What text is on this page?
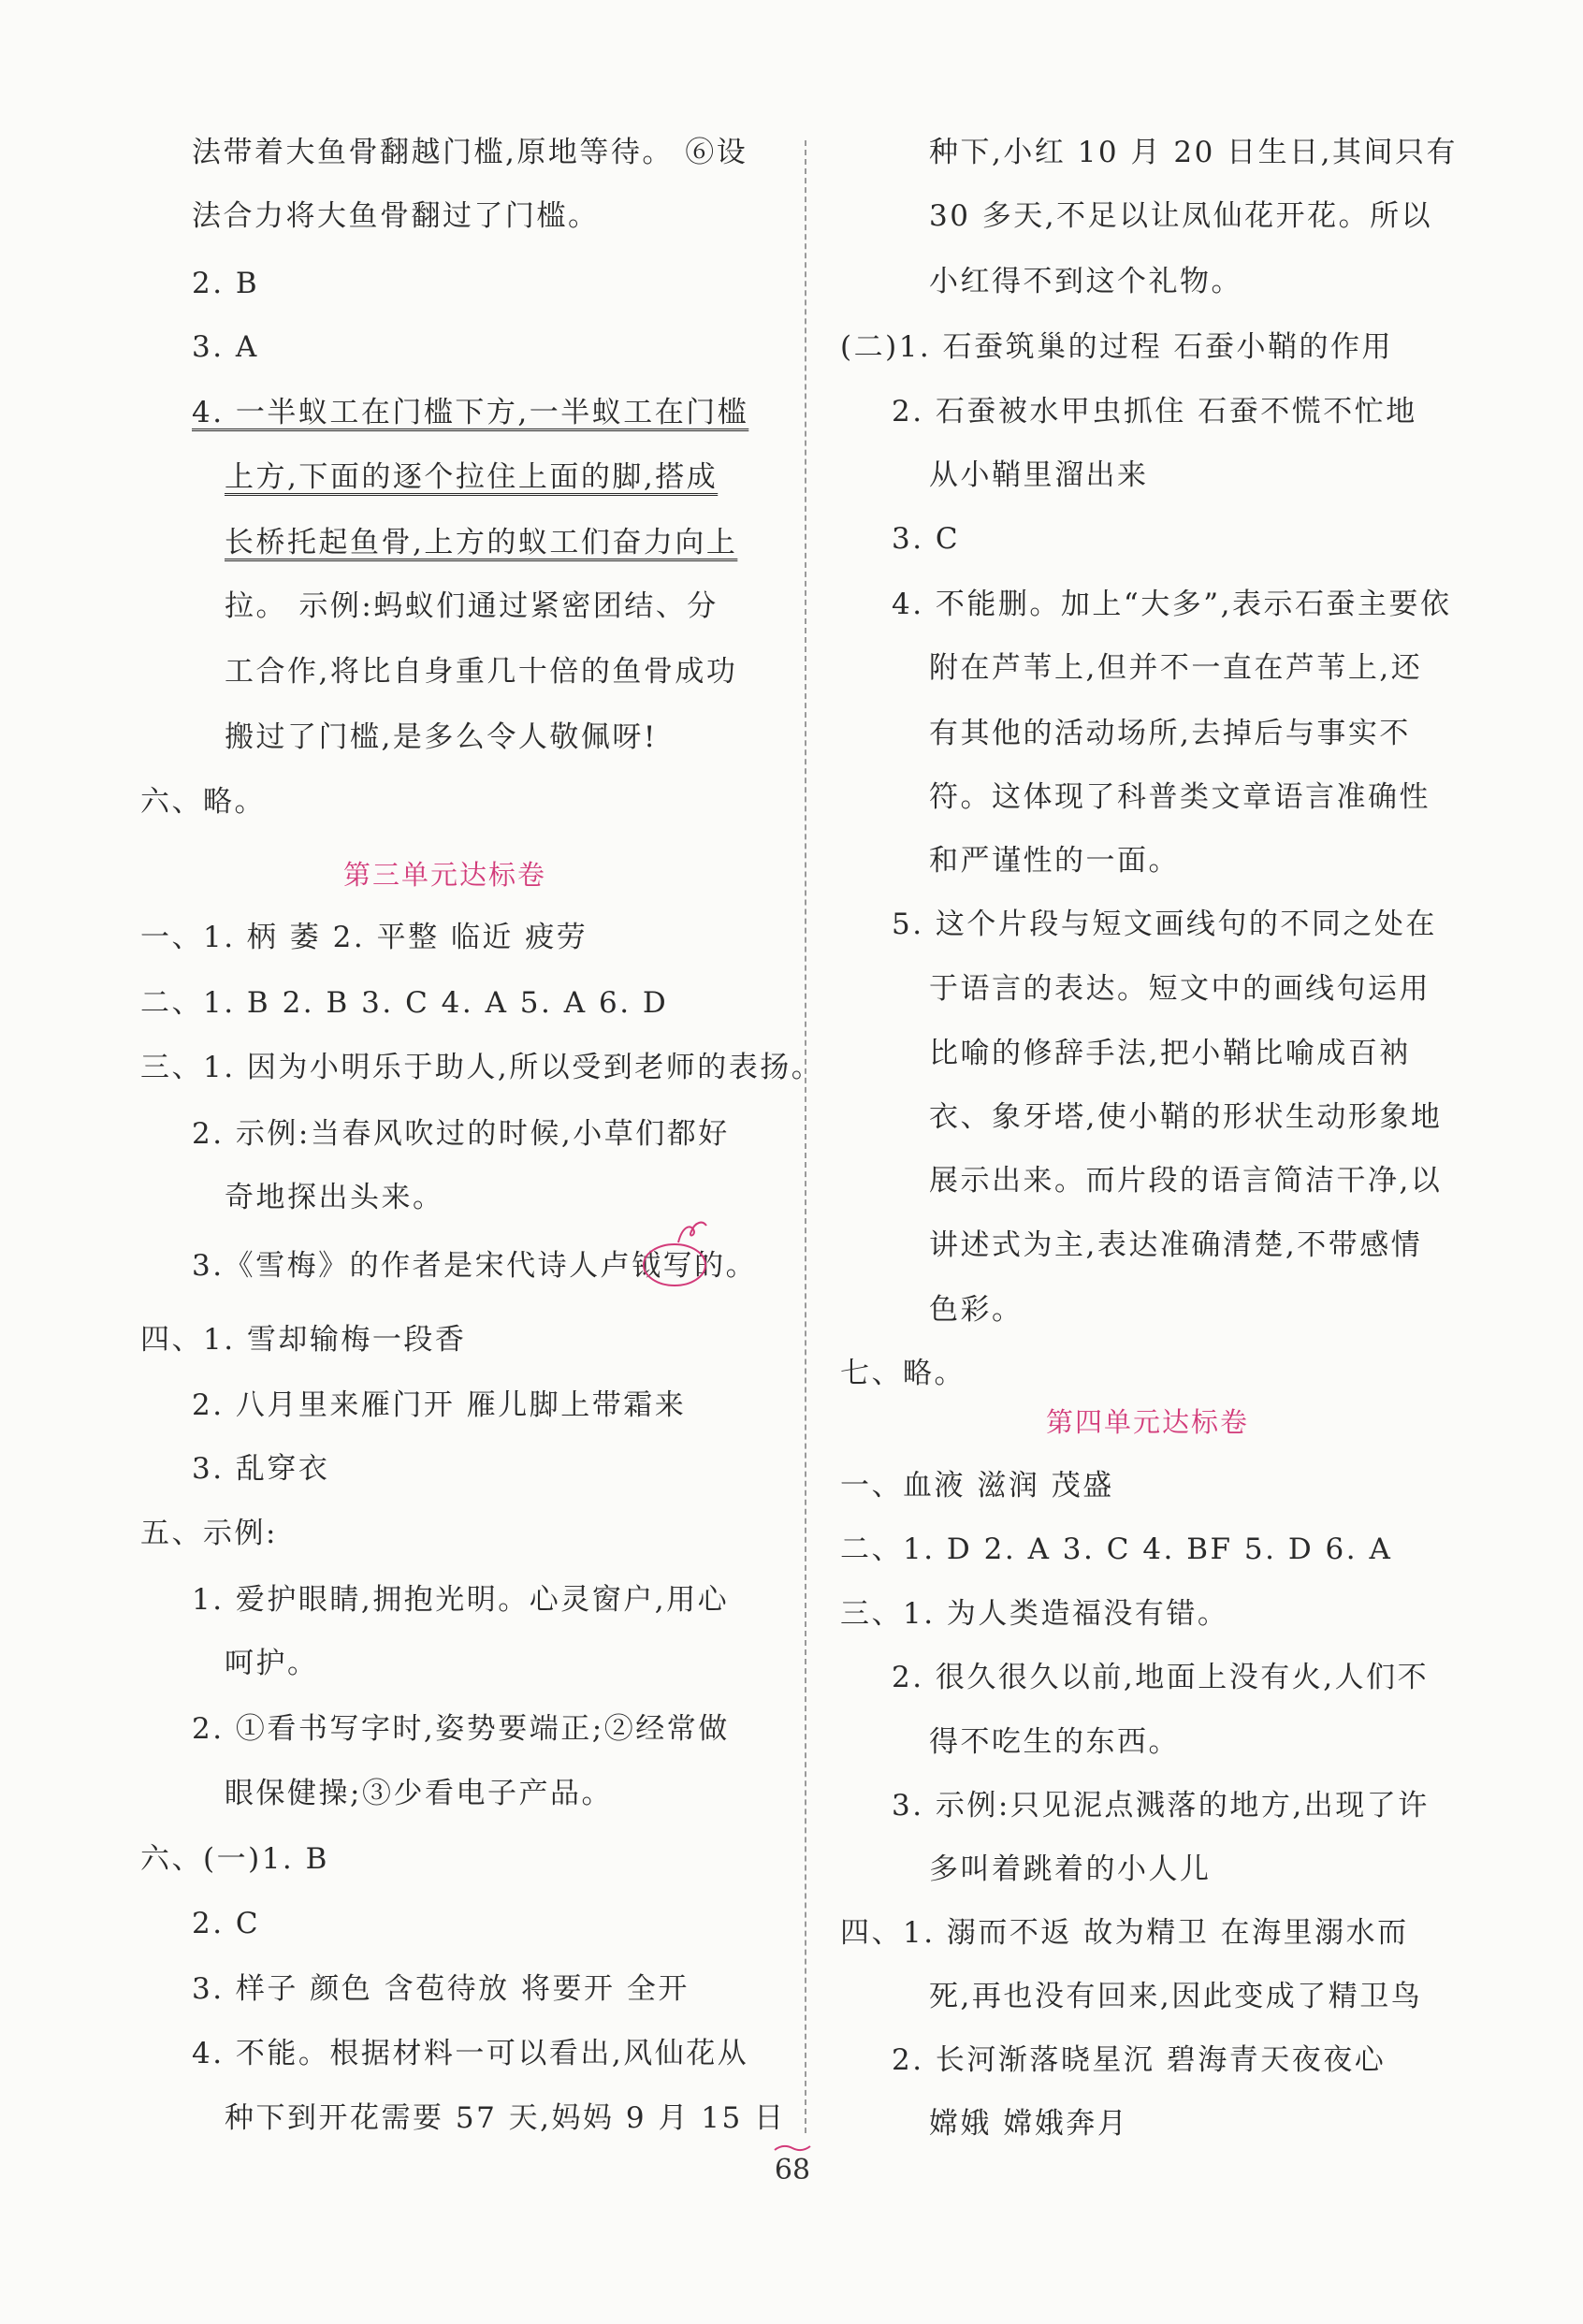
法带着大鱼骨翻越门槛,原地等待。 ⑥设
法合力将大鱼骨翻过了门槛。
2. B
3. A
4. 一半蚁工在门槛下方,一半蚁工在门槛
上方,下面的逐个拉住上面的脚,搭成
长桥托起鱼骨,上方的蚁工们奋力向上
拉。 示例:蚂蚁们通过紧密团结、分
工合作,将比自身重几十倍的鱼骨成功
搬过了门槛,是多么令人敬佩呀!
六、略。
第三单元达标卷
一、1. 柄 萎 2. 平整 临近 疲劳
二、1. B 2. B 3. C 4. A 5. A 6. D
三、1. 因为小明乐于助人,所以受到老师的表扬。
2. 示例:当春风吹过的时候,小草们都好
奇地探出头来。
3.《雪梅》的作者是宋代诗人卢钺写的。
四、1. 雪却输梅一段香
2. 八月里来雁门开 雁儿脚上带霜来
3. 乱穿衣
五、示例:
1. 爱护眼睛,拥抱光明。心灵窗户,用心
呵护。
2. ①看书写字时,姿势要端正;②经常做
眼保健操;③少看电子产品。
六、(一)1. B
2. C
3. 样子 颜色 含苞待放 将要开 全开
4. 不能。根据材料一可以看出,风仙花从
种下到开花需要 57 天,妈妈 9 月 15 日
种下,小红 10 月 20 日生日,其间只有
30 多天,不足以让凤仙花开花。所以
小红得不到这个礼物。
(二)1. 石蚕筑巢的过程 石蚕小鞘的作用
2. 石蚕被水甲虫抓住 石蚕不慌不忙地
从小鞘里溜出来
3. C
4. 不能删。加上“大多”,表示石蚕主要依
附在芦苇上,但并不一直在芦苇上,还
有其他的活动场所,去掉后与事实不
符。这体现了科普类文章语言准确性
和严谨性的一面。
5. 这个片段与短文画线句的不同之处在
于语言的表达。短文中的画线句运用
比喻的修辞手法,把小鞘比喻成百衲
衣、象牙塔,使小鞘的形状生动形象地
展示出来。而片段的语言简洁干净,以
讲述式为主,表达准确清楚,不带感情
色彩。
七、略。
第四单元达标卷
一、血液 滋润 茂盛
二、1. D 2. A 3. C 4. BF 5. D 6. A
三、1. 为人类造福没有错。
2. 很久很久以前,地面上没有火,人们不
得不吃生的东西。
3. 示例:只见泥点溅落的地方,出现了许
多叫着跳着的小人儿
四、1. 溺而不返 故为精卫 在海里溺水而
死,再也没有回来,因此变成了精卫鸟
2. 长河渐落晓星沉 碧海青天夜夜心
嫦娥 嫦娥奔月
68
